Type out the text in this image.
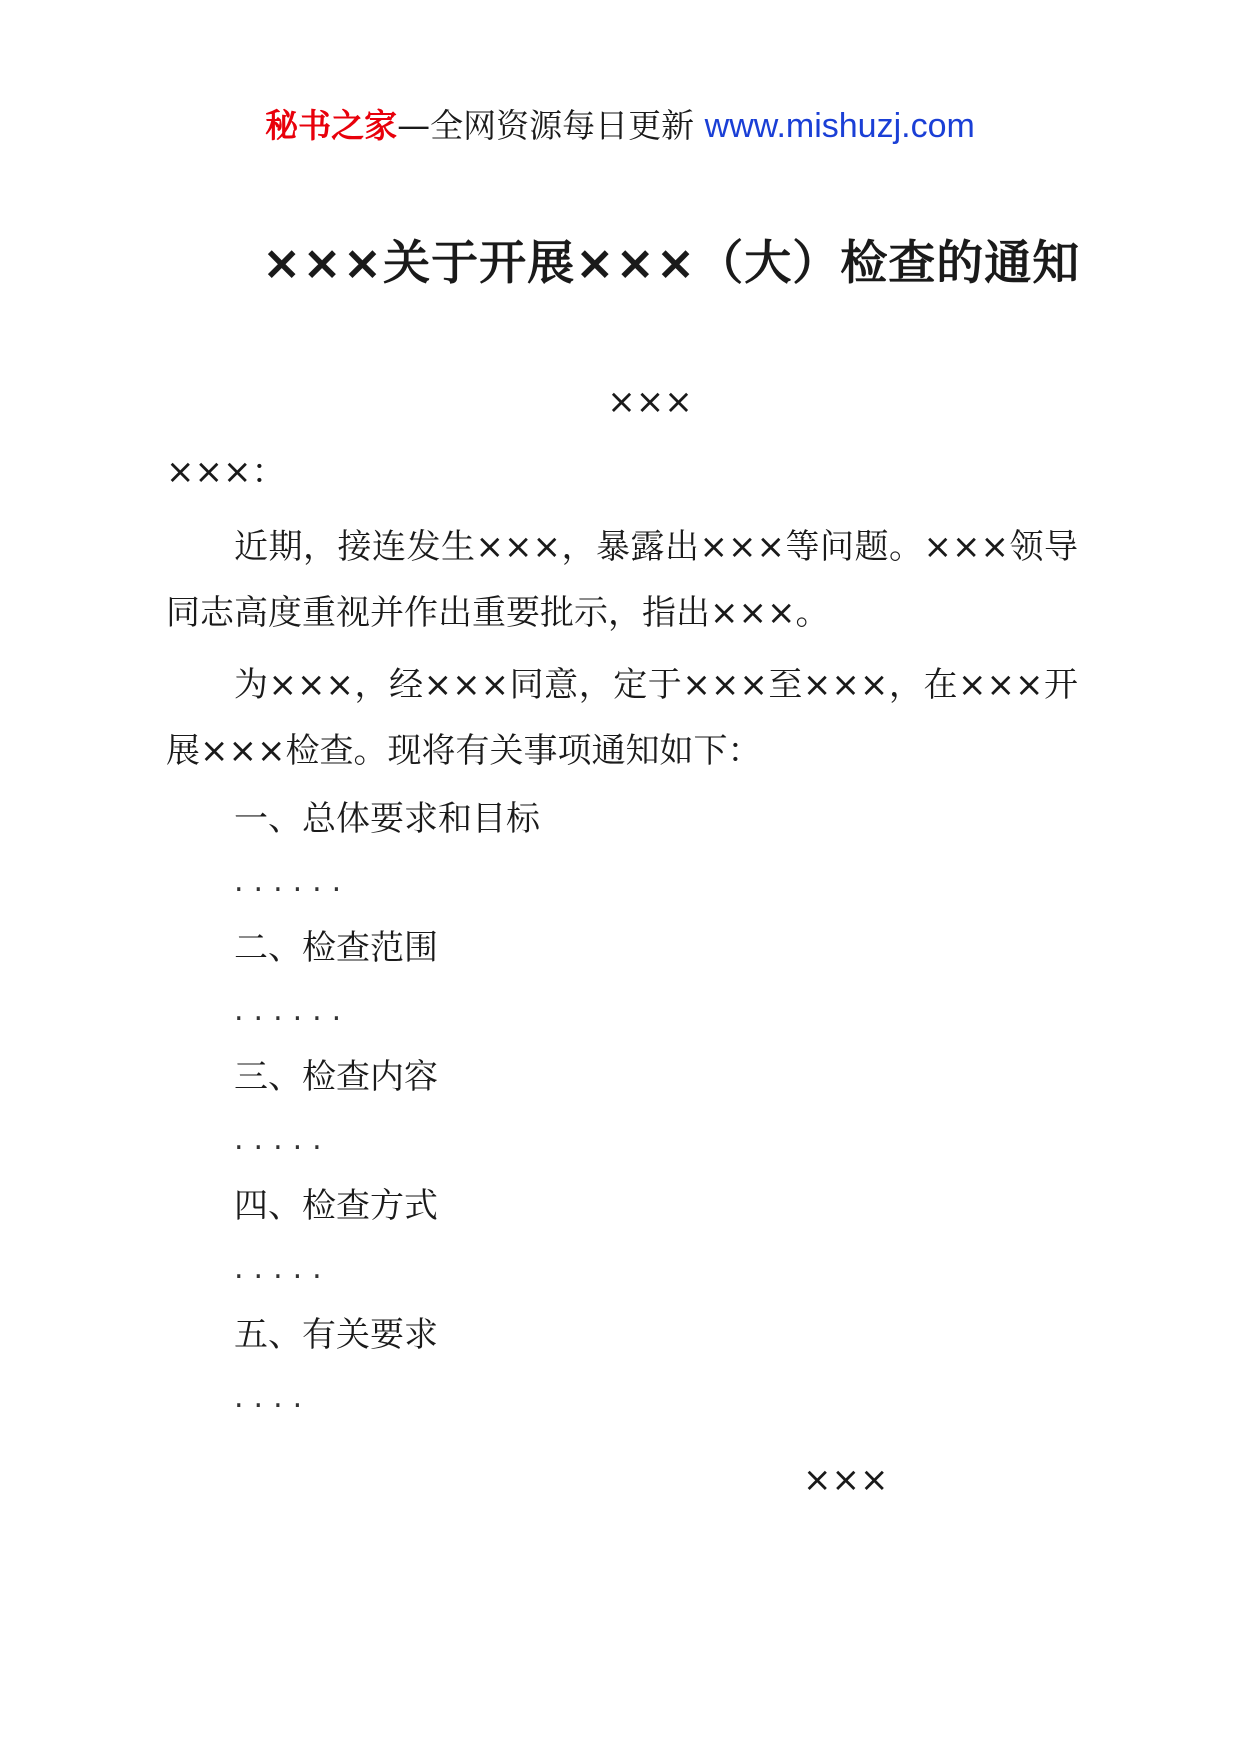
秘书之家—全网资源每日更新 www.mishuzj.com
×××关于开展×××（大）检查的通知
×××
×××：

近期，接连发生×××，暴露出×××等问题。×××领导同志高度重视并作出重要批示，指出×××。

为×××，经×××同意，定于×××至×××，在×××开展×××检查。现将有关事项通知如下：

一、总体要求和目标
......
二、检查范围
......
三、检查内容
.....
四、检查方式
.....
五、有关要求
....
×××
